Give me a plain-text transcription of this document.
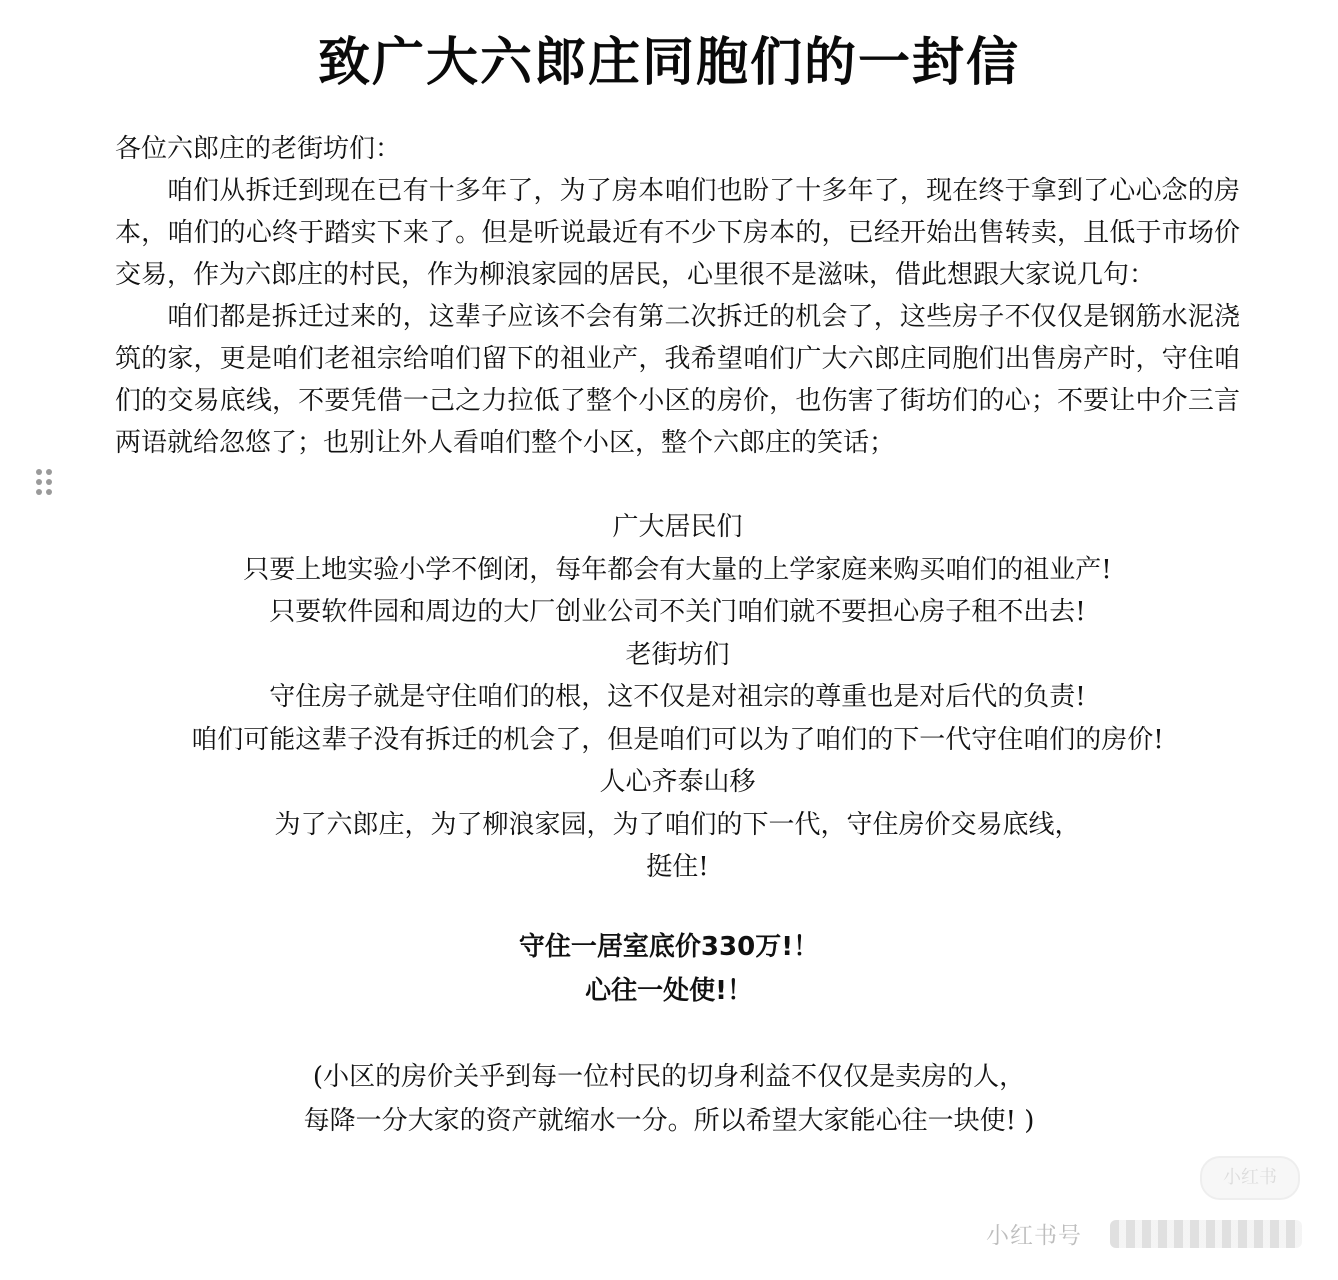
致广大六郎庄同胞们的一封信

各位六郎庄的老街坊们：

咱们从拆迁到现在已有十多年了，为了房本咱们也盼了十多年了，现在终于拿到了心心念的房本，咱们的心终于踏实下来了。但是听说最近有不少下房本的，已经开始出售转卖，且低于市场价交易，作为六郎庄的村民，作为柳浪家园的居民，心里很不是滋味，借此想跟大家说几句：

咱们都是拆迁过来的，这辈子应该不会有第二次拆迁的机会了，这些房子不仅仅是钢筋水泥浇筑的家，更是咱们老祖宗给咱们留下的祖业产，我希望咱们广大六郎庄同胞们出售房产时，守住咱们的交易底线，不要凭借一己之力拉低了整个小区的房价，也伤害了街坊们的心；不要让中介三言两语就给忽悠了；也别让外人看咱们整个小区，整个六郎庄的笑话；

广大居民们
只要上地实验小学不倒闭，每年都会有大量的上学家庭来购买咱们的祖业产!
只要软件园和周边的大厂创业公司不关门咱们就不要担心房子租不出去!
老街坊们
守住房子就是守住咱们的根，这不仅是对祖宗的尊重也是对后代的负责!
咱们可能这辈子没有拆迁的机会了，但是咱们可以为了咱们的下一代守住咱们的房价!
人心齐泰山移
为了六郎庄，为了柳浪家园，为了咱们的下一代，守住房价交易底线，
挺住!
守住一居室底价330万!！
心往一处使!！
(小区的房价关乎到每一位村民的切身利益不仅仅是卖房的人，
每降一分大家的资产就缩水一分。所以希望大家能心往一块使! )
小红书
小红书号
